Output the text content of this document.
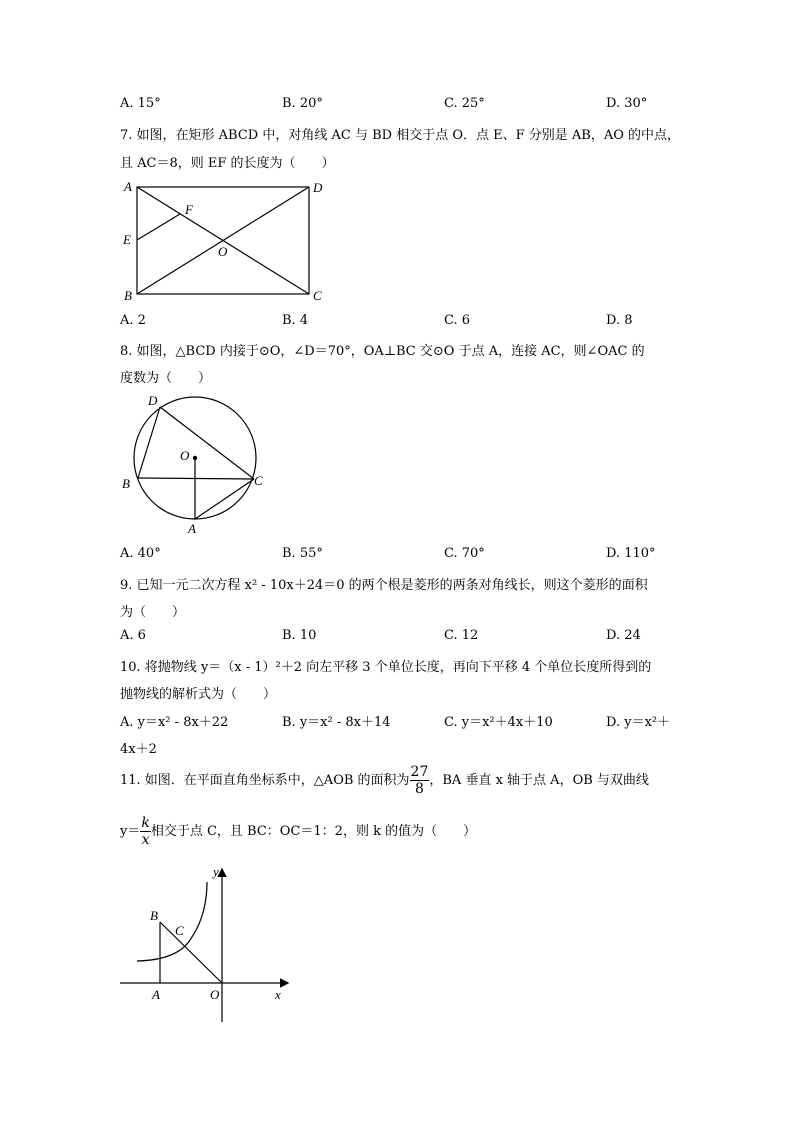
A. 15°	B. 20°	C. 25°	D. 30°
7. 如图，在矩形 ABCD 中，对角线 AC 与 BD 相交于点 O．点 E、F 分别是 AB，AO 的中点，
且 AC＝8，则 EF 的长度为（　　）
A	D
F
E
O
B	C
A. 2	B. 4	C. 6	D. 8
8. 如图，△BCD 内接于⊙O，∠D＝70°，OA⊥BC 交⊙O 于点 A，连接 AC，则∠OAC 的
度数为（　　）
D
O
B	C
A
A. 40°	B. 55°	C. 70°	D. 110°
9. 已知一元二次方程 x² - 10x＋24＝0 的两个根是菱形的两条对角线长，则这个菱形的面积
为（　　）
A. 6	B. 10	C. 12	D. 24
10. 将抛物线 y＝（x - 1）²＋2 向左平移 3 个单位长度，再向下平移 4 个单位长度所得到的
抛物线的解析式为（　　）
A. y＝x² - 8x＋22	B. y＝x² - 8x＋14	C. y＝x²＋4x＋10	D. y＝x²＋
4x＋2
11. 如图．在平面直角坐标系中，△AOB 的面积为 $\frac{27}{8}$ ，BA 垂直 x 轴于点 A，OB 与双曲线
$y= \frac{k}{x}$ 相交于点 C，且 BC：OC＝1：2，则 k 的值为（　　）
y
B
C
A	O	x
